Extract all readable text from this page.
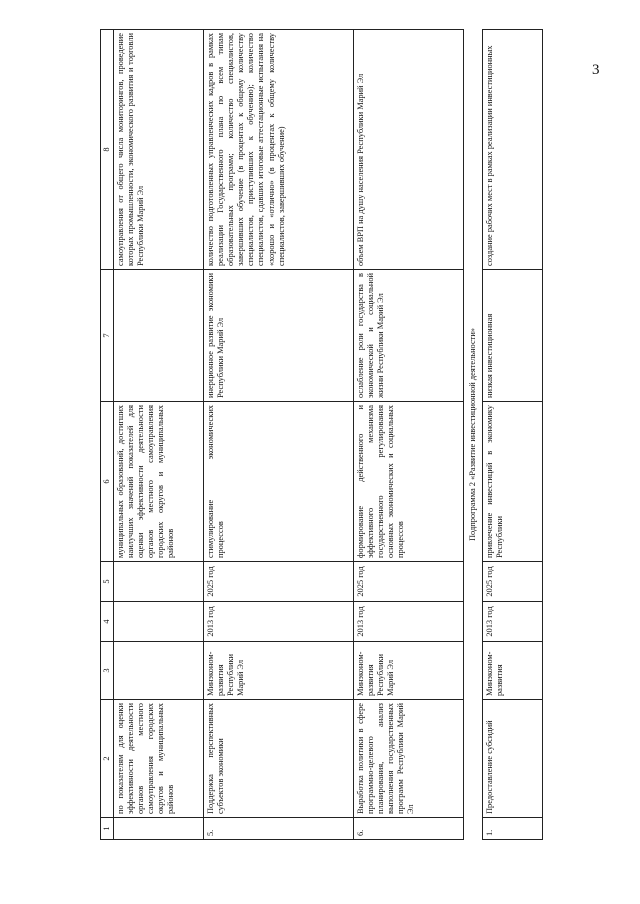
3
1	2	3	4	5	6	7	8
	по показателям для оценки эффективности деятельности органов местного самоуправления городских округов и муниципальных районов				муниципальных образований, достигших наилучших значений показателей для оценки эффективности деятельности органов местного самоуправления городских округов и муниципальных районов		самоуправления от общего числа мониторингов, проведение которых промышленности, экономического развития и торговли Республики Марий Эл
5.	Поддержка перспективных субъектов экономики	Минэконом-развития Республики Марий Эл	2013 год	2025 год	стимулирование экономических процессов	инерционное развитие экономики Республики Марий Эл	количество подготовленных управленческих кадров в рамках реализации Государственного плана по всем типам образовательных программ; количество специалистов, завершивших обучение (в процентах к общему количеству специалистов, приступивших к обучению); количество специалистов, сдавших итоговые аттестационные испытания на «хорошо и «отлично» (в процентах к общему количеству специалистов, завершивших обучение)
6.	Выработка политики в сфере программно-целевого планирования, анализ выполнения государственных программ Республики Марий Эл	Минэконом-развития Республики Марий Эл	2013 год	2025 год	формирование действенного и эффективного механизма государственного регулирования основных экономических и социальных процессов	ослабление роли государства в экономической и социальной жизни Республики Марий Эл	объем ВРП на душу населения Республики Марий Эл
Подпрограмма 2 «Развитие инвестиционной деятельности»							
1.	Предоставление субсидий	Минэконом-развития	2013 год	2025 год	привлечение инвестиций в экономику Республики	низкая инвестиционная	создание рабочих мест в рамках реализации инвестиционных
